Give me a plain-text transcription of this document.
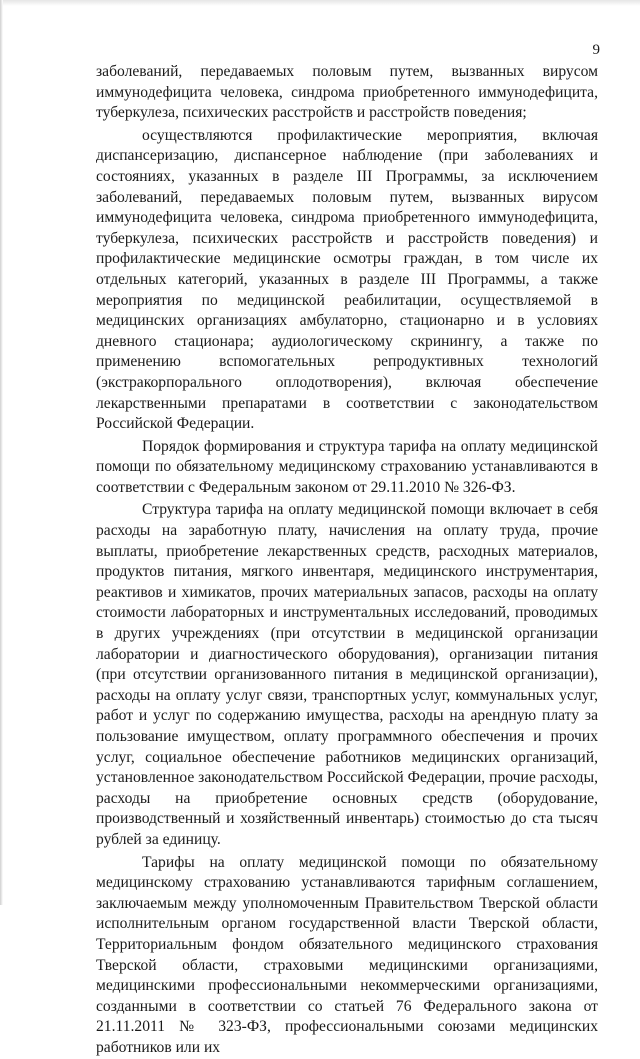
9

заболеваний, передаваемых половым путем, вызванных вирусом иммунодефицита человека, синдрома приобретенного иммунодефицита, туберкулеза, психических расстройств и расстройств поведения;

осуществляются профилактические мероприятия, включая диспансеризацию, диспансерное наблюдение (при заболеваниях и состояниях, указанных в разделе III Программы, за исключением заболеваний, передаваемых половым путем, вызванных вирусом иммунодефицита человека, синдрома приобретенного иммунодефицита, туберкулеза, психических расстройств и расстройств поведения) и профилактические медицинские осмотры граждан, в том числе их отдельных категорий, указанных в разделе III Программы, а также мероприятия по медицинской реабилитации, осуществляемой в медицинских организациях амбулаторно, стационарно и в условиях дневного стационара; аудиологическому скринингу, а также по применению вспомогательных репродуктивных технологий (экстракорпорального оплодотворения), включая обеспечение лекарственными препаратами в соответствии с законодательством Российской Федерации.

Порядок формирования и структура тарифа на оплату медицинской помощи по обязательному медицинскому страхованию устанавливаются в соответствии с Федеральным законом от 29.11.2010 № 326-ФЗ.

Структура тарифа на оплату медицинской помощи включает в себя расходы на заработную плату, начисления на оплату труда, прочие выплаты, приобретение лекарственных средств, расходных материалов, продуктов питания, мягкого инвентаря, медицинского инструментария, реактивов и химикатов, прочих материальных запасов, расходы на оплату стоимости лабораторных и инструментальных исследований, проводимых в других учреждениях (при отсутствии в медицинской организации лаборатории и диагностического оборудования), организации питания (при отсутствии организованного питания в медицинской организации), расходы на оплату услуг связи, транспортных услуг, коммунальных услуг, работ и услуг по содержанию имущества, расходы на арендную плату за пользование имуществом, оплату программного обеспечения и прочих услуг, социальное обеспечение работников медицинских организаций, установленное законодательством Российской Федерации, прочие расходы, расходы на приобретение основных средств (оборудование, производственный и хозяйственный инвентарь) стоимостью до ста тысяч рублей за единицу.

Тарифы на оплату медицинской помощи по обязательному медицинскому страхованию устанавливаются тарифным соглашением, заключаемым между уполномоченным Правительством Тверской области исполнительным органом государственной власти Тверской области, Территориальным фондом обязательного медицинского страхования Тверской области, страховыми медицинскими организациями, медицинскими профессиональными некоммерческими организациями, созданными в соответствии со статьей 76 Федерального закона от 21.11.2011 № 323-ФЗ, профессиональными союзами медицинских работников или их
